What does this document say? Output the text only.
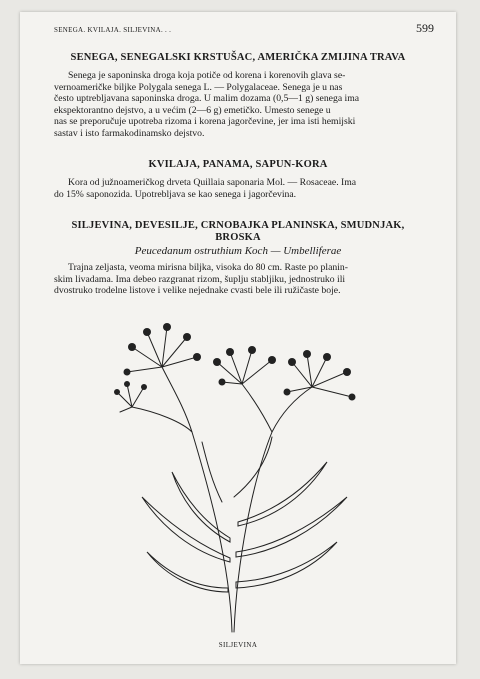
SENEGA. KVILAJA. SILJEVINA. . .	599
SENEGA, SENEGALSKI KRSTUŠAC, AMERIČKA ZMIJINA TRAVA

Senega je saponinska droga koja potiče od korena i korenovih glava se-

vernoameričke biljke Polygala senega L. — Polygalaceae. Senega je u nas

često uptrebljavana saponinska droga. U malim dozama (0,5—1 g) senega ima

ekspektorantno dejstvo, a u većim (2—6 g) emetičko. Umesto senege u

nas se preporučuje upotreba rizoma i korena jagorčevine, jer ima isti hemijski

sastav i isto farmakodinamsko dejstvo.

KVILAJA, PANAMA, SAPUN-KORA

Kora od južnoameričkog drveta Quillaia saponaria Mol. — Rosaceae. Ima

do 15% saponozida. Upotrebljava se kao senega i jagorčevina.

SILJEVINA, DEVESILJE, CRNOBAJKA PLANINSKA, SMUDNJAK,
BROSKA
Peucedanum ostruthium Koch — Umbelliferae

Trajna zeljasta, veoma mirisna biljka, visoka do 80 cm. Raste po planin-

skim livadama. Ima debeo razgranat rizom, šuplju stabljiku, jednostruko ili

dvostruko trodelne listove i velike nejednake cvasti bele ili ružičaste boje.

SILJEVINA
